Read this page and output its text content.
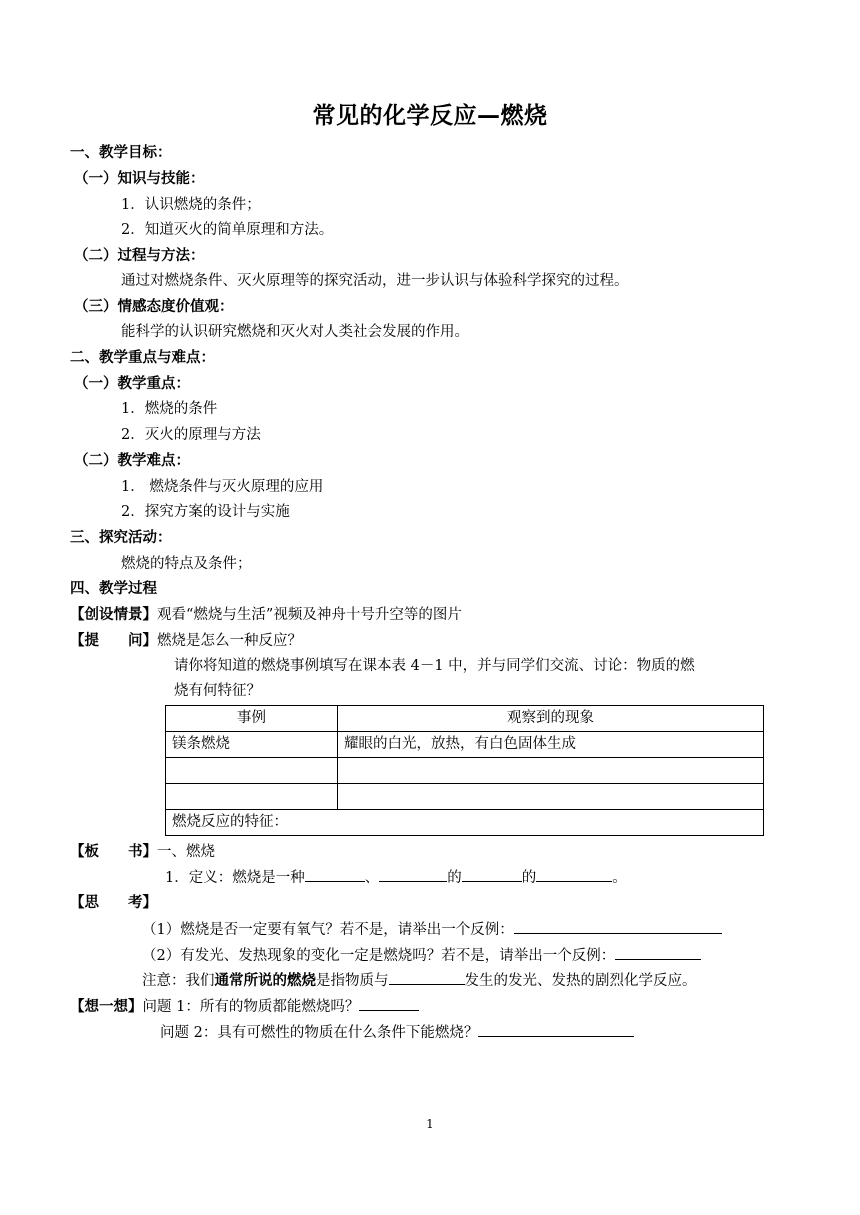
常见的化学反应—燃烧
一、教学目标：
（一）知识与技能：
1．认识燃烧的条件；
2．知道灭火的简单原理和方法。
（二）过程与方法：
通过对燃烧条件、灭火原理等的探究活动，进一步认识与体验科学探究的过程。
（三）情感态度价值观：
能科学的认识研究燃烧和灭火对人类社会发展的作用。
二、教学重点与难点：
（一）教学重点：
1．燃烧的条件
2．灭火的原理与方法
（二）教学难点：
1． 燃烧条件与灭火原理的应用
2．探究方案的设计与实施
三、探究活动：
燃烧的特点及条件；
四、教学过程
【创设情景】观看“燃烧与生活”视频及神舟十号升空等的图片
【提　　问】燃烧是怎么一种反应？
请你将知道的燃烧事例填写在课本表 4－1 中，并与同学们交流、讨论：物质的燃
烧有何特征？
事例	观察到的现象
镁条燃烧	耀眼的白光，放热，有白色固体生成

燃烧反应的特征：	
【板　　书】一、燃烧
1．定义：燃烧是一种	、	的	的	。
【思　　考】
（1）燃烧是否一定要有氧气？若不是，请举出一个反例：
（2）有发光、发热现象的变化一定是燃烧吗？若不是，请举出一个反例：
注意：我们通常所说的燃烧是指物质与	发生的发光、发热的剧烈化学反应。
【想一想】问题 1：所有的物质都能燃烧吗？
问题 2：具有可燃性的物质在什么条件下能燃烧？
1
